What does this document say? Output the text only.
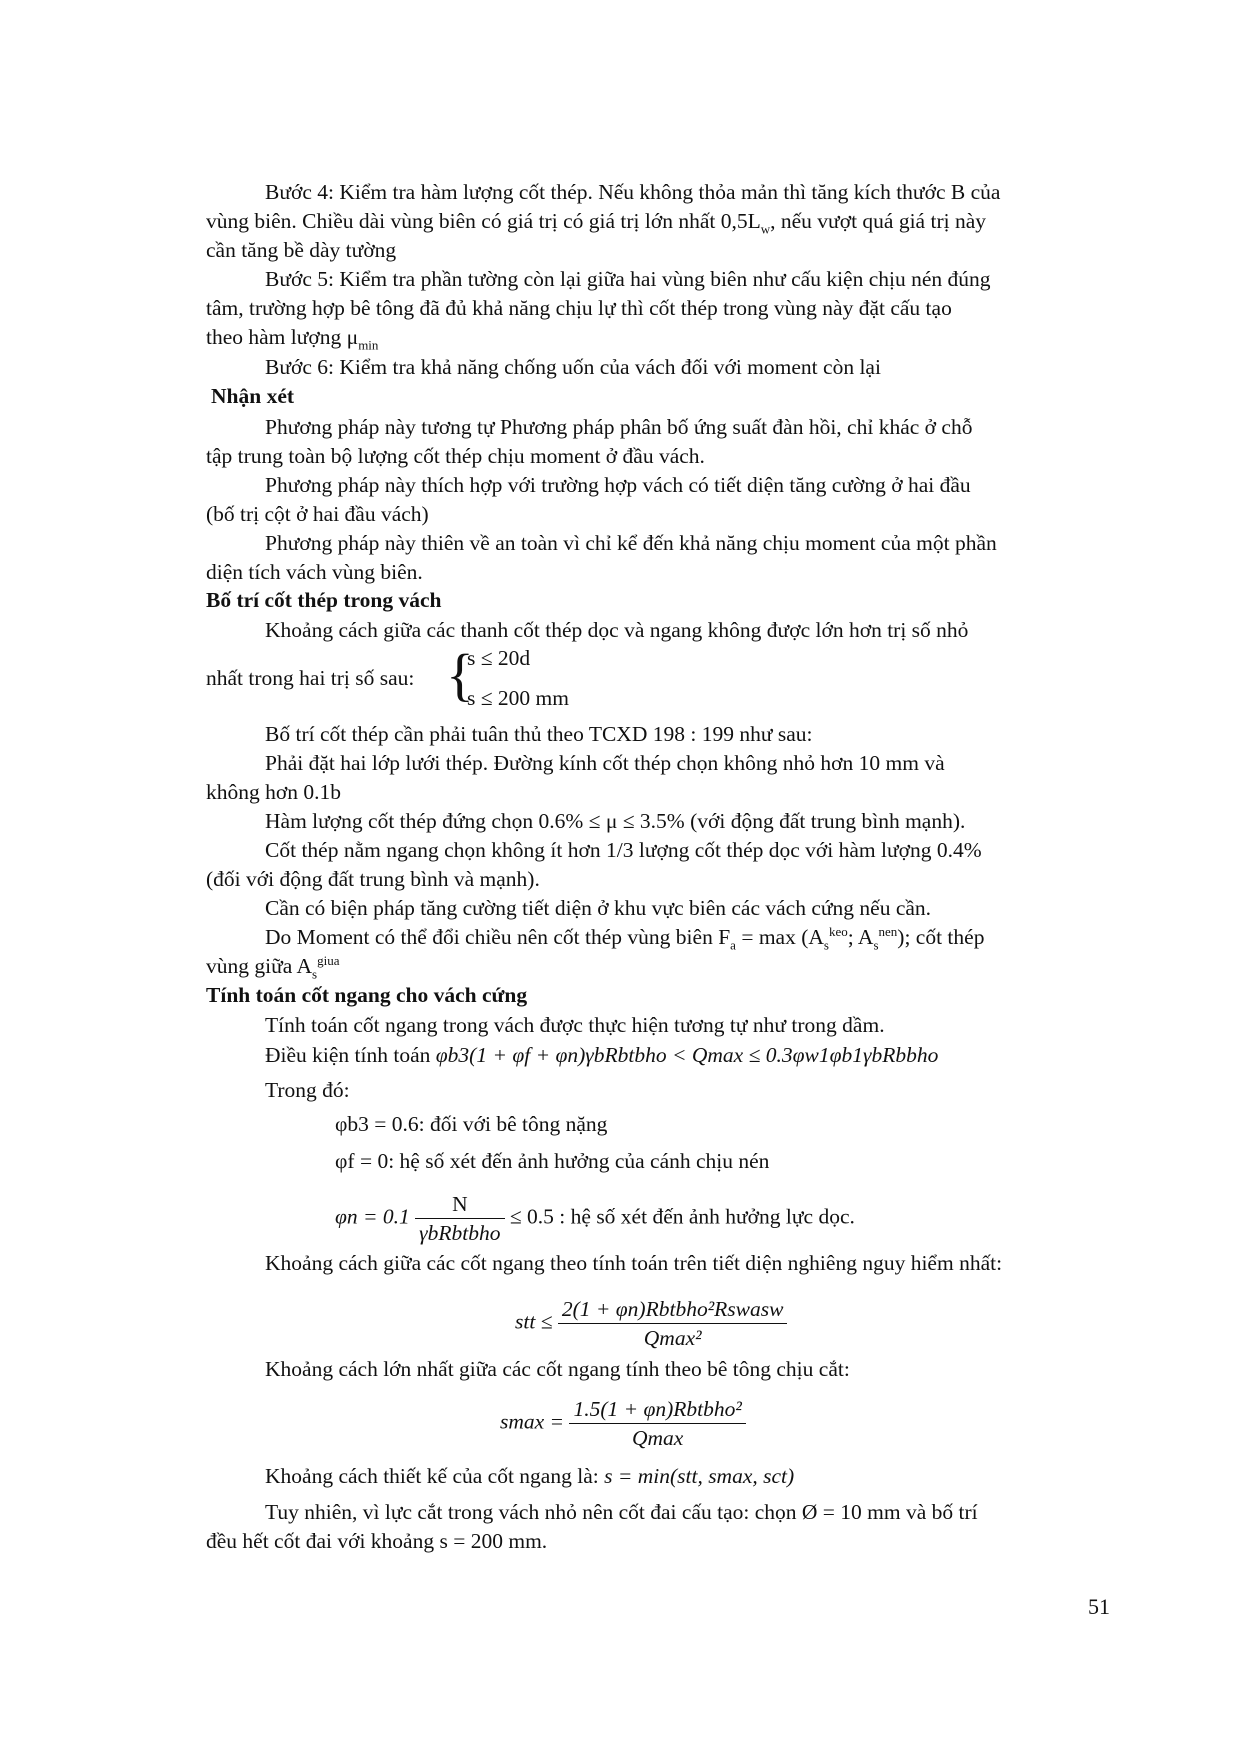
Bước 4: Kiểm tra hàm lượng cốt thép. Nếu không thỏa mản thì tăng kích thước B của
vùng biên. Chiều dài vùng biên có giá trị có giá trị lớn nhất $0,5L_w$, nếu vượt quá giá trị này
cần tăng bề dày tường
Bước 5: Kiểm tra phần tường còn lại giữa hai vùng biên như cấu kiện chịu nén đúng
tâm, trường hợp bê tông đã đủ khả năng chịu lự thì cốt thép trong vùng này đặt cấu tạo
theo hàm lượng $\mu_{min}$
Bước 6: Kiểm tra khả năng chống uốn của vách đối với moment còn lại
Nhận xét
Phương pháp này tương tự Phương pháp phân bố ứng suất đàn hồi, chỉ khác ở chỗ
tập trung toàn bộ lượng cốt thép chịu moment ở đầu vách.
Phương pháp này thích hợp với trường hợp vách có tiết diện tăng cường ở hai đầu
(bố trị cột ở hai đầu vách)
Phương pháp này thiên về an toàn vì chỉ kể đến khả năng chịu moment của một phần
diện tích vách vùng biên.
Bố trí cốt thép trong vách
Khoảng cách giữa các thanh cốt thép dọc và ngang không được lớn hơn trị số nhỏ
nhất trong hai trị số sau: {
s ≤ 20d
s ≤ 200 mm
Bố trí cốt thép cần phải tuân thủ theo TCXD 198 : 199 như sau:
Phải đặt hai lớp lưới thép. Đường kính cốt thép chọn không nhỏ hơn 10 mm và
không hơn 0.1b
Hàm lượng cốt thép đứng chọn 0.6% ≤ μ ≤ 3.5% (với động đất trung bình mạnh).
Cốt thép nằm ngang chọn không ít hơn 1/3 lượng cốt thép dọc với hàm lượng 0.4%
(đối với động đất trung bình và mạnh).
Cần có biện pháp tăng cường tiết diện ở khu vực biên các vách cứng nếu cần.
Do Moment có thể đổi chiều nên cốt thép vùng biên $F_a = \max (A_s^{keo}$; $A_s^{nen}$); cốt thép
vùng giữa $A_s^{giua}$
Tính toán cốt ngang cho vách cứng
Tính toán cốt ngang trong vách được thực hiện tương tự như trong dầm.
Điều kiện tính toán φb3(1 + φf + φn)γbRbtbho < Qmax ≤ 0.3φw1φb1γbRbbho
Trong đó:
φb3 = 0.6: đối với bê tông nặng
φf = 0: hệ số xét đến ảnh hưởng của cánh chịu nén
$\varphi n = 0.1 \frac{N}{\text{γbRbtbho}} \le 0.5$ : hệ số xét đến ảnh hưởng lực dọc.
Khoảng cách giữa các cốt ngang theo tính toán trên tiết diện nghiêng nguy hiểm nhất:
stt ≤ $\frac{\text{2(1 + φn)Rbtbho²Rswasw}}{\text{Qmax²}}$
Khoảng cách lớn nhất giữa các cốt ngang tính theo bê tông chịu cắt:
$smax = \frac{\text{1.5(1 + φn)Rbtbho²}}{Qmax}$
Khoảng cách thiết kế của cốt ngang là: s = min(stt, smax, sct)
Tuy nhiên, vì lực cắt trong vách nhỏ nên cốt đai cấu tạo: chọn Ø = 10 mm và bố trí
đều hết cốt đai với khoảng s = 200 mm.
51
